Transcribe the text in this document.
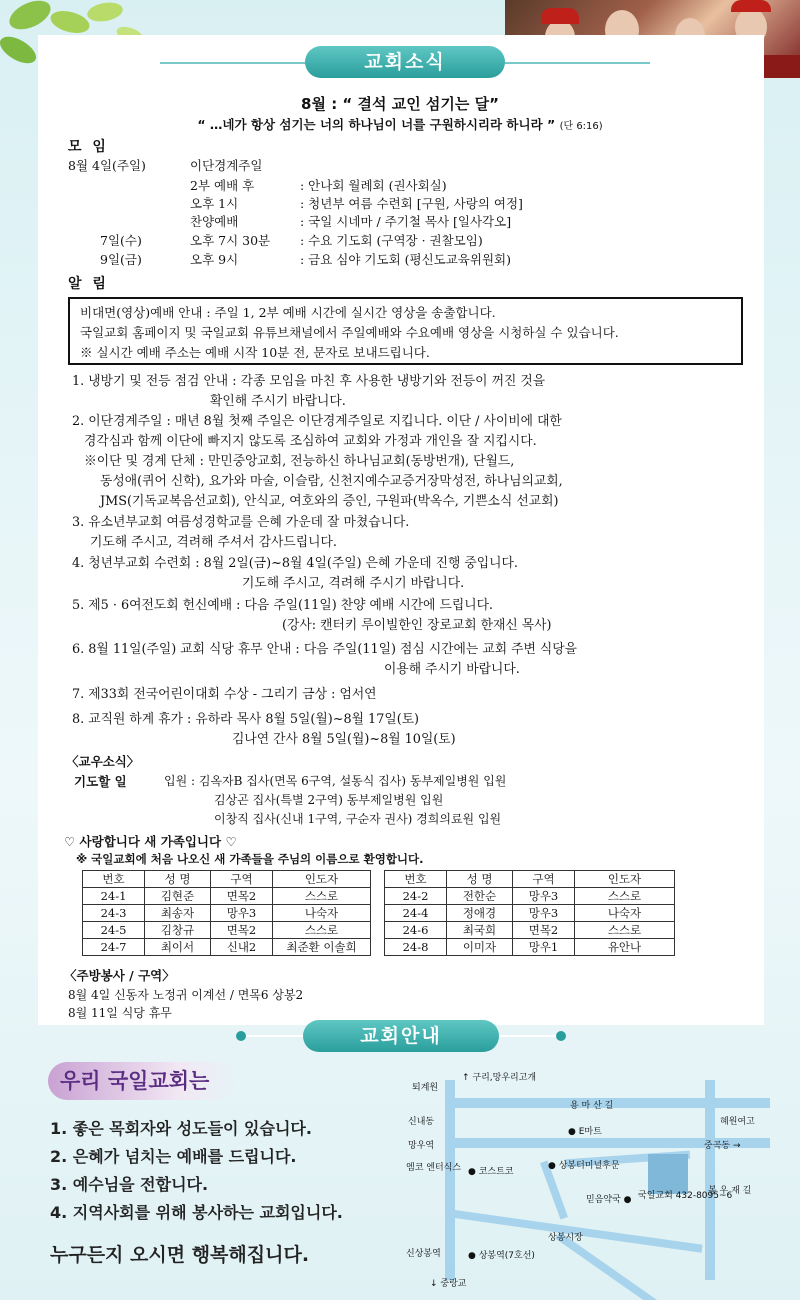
교회소식
8월 : “ 결석 교인 섬기는 달”
“ …네가 항상 섬기는 너의 하나님이 너를 구원하시리라 하니라 ” (단 6:16)
모 임
8월 4일(주일)	이단경계주일
2부 예배 후	: 안나회 월례회 (권사회실)
오후 1시	: 청년부 여름 수련회 [구원, 사랑의 여정]
찬양예배	: 국일 시네마 / 주기철 목사 [일사각오]
7일(수)	오후 7시 30분 : 수요 기도회 (구역장 · 권찰모임)
9일(금)	오후 9시	: 금요 심야 기도회 (평신도교육위원회)
알 림
비대면(영상)예배 안내 : 주일 1, 2부 예배 시간에 실시간 영상을 송출합니다.
국일교회 홈페이지 및 국일교회 유튜브채널에서 주일예배와 수요예배 영상을 시청하실 수 있습니다.
※ 실시간 예배 주소는 예배 시작 10분 전, 문자로 보내드립니다.
1. 냉방기 및 전등 점검 안내 : 각종 모임을 마친 후 사용한 냉방기와 전등이 꺼진 것을
확인해 주시기 바랍니다.
2. 이단경계주일 : 매년 8월 첫째 주일은 이단경계주일로 지킵니다. 이단 / 사이비에 대한
경각심과 함께 이단에 빠지지 않도록 조심하여 교회와 가정과 개인을 잘 지킵시다.
※이단 및 경계 단체 : 만민중앙교회, 전능하신 하나님교회(동방번개), 단월드,
동성애(퀴어 신학), 요가와 마술, 이슬람, 신천지예수교증거장막성전, 하나님의교회,
JMS(기독교복음선교회), 안식교, 여호와의 증인, 구원파(박옥수, 기쁜소식 선교회)
3. 유소년부교회 여름성경학교를 은혜 가운데 잘 마쳤습니다.
기도해 주시고, 격려해 주셔서 감사드립니다.
4. 청년부교회 수련회 : 8월 2일(금)~8월 4일(주일) 은혜 가운데 진행 중입니다.
기도해 주시고, 격려해 주시기 바랍니다.
5. 제5 · 6여전도회 헌신예배 : 다음 주일(11일) 찬양 예배 시간에 드립니다.
(강사: 캔터키 루이빌한인 장로교회 한재신 목사)
6. 8월 11일(주일) 교회 식당 휴무 안내 : 다음 주일(11일) 점심 시간에는 교회 주변 식당을
이용해 주시기 바랍니다.
7. 제33회 전국어린이대회 수상 - 그리기 금상 : 엄서연
8. 교직원 하계 휴가 : 유하라 목사 8월 5일(월)~8월 17일(토)
김나연 간사 8월 5일(월)~8월 10일(토)
〈교우소식〉
기도할 일	입원 : 김옥자B 집사(면목 6구역, 설동식 집사) 동부제일병원 입원
김상곤 집사(특별 2구역) 동부제일병원 입원
이창직 집사(신내 1구역, 구순자 권사) 경희의료원 입원
♡ 사랑합니다 새 가족입니다 ♡
※ 국일교회에 처음 나오신 새 가족들을 주님의 이름으로 환영합니다.
번호	성 명	구역	인도자		번호	성 명	구역	인도자
24-1	김현준	면목2	스스로		24-2	전한순	망우3	스스로
24-3	최송자	망우3	나숙자		24-4	정애경	망우3	나숙자
24-5	김창규	면목2	스스로		24-6	최국희	면목2	스스로
24-7	최이서	신내2	최준환 이솔희		24-8	이미자	망우1	유안나
〈주방봉사 / 구역〉
8월 4일 신동자 노정귀 이계선 / 면목6 상봉2
8월 11일 식당 휴무
교회안내
우리 국일교회는
1. 좋은 목회자와 성도들이 있습니다.
2. 은혜가 넘치는 예배를 드립니다.
3. 예수님을 전합니다.
4. 지역사회를 위해 봉사하는 교회입니다.
누구든지 오시면 행복해집니다.
↑ 구리,망우리고개
퇴계원
용 마 산 길
신내동	혜원여고
● E마트
망우역	중곡동 →
엠코 엔터식스 ● 코스트코
● 상봉터미널후문
믿음약국 ● 국일교회 432-8095~6
상봉시장
신상봉역	● 상봉역(7호선)
↓ 중랑교
봉 우 재 길
